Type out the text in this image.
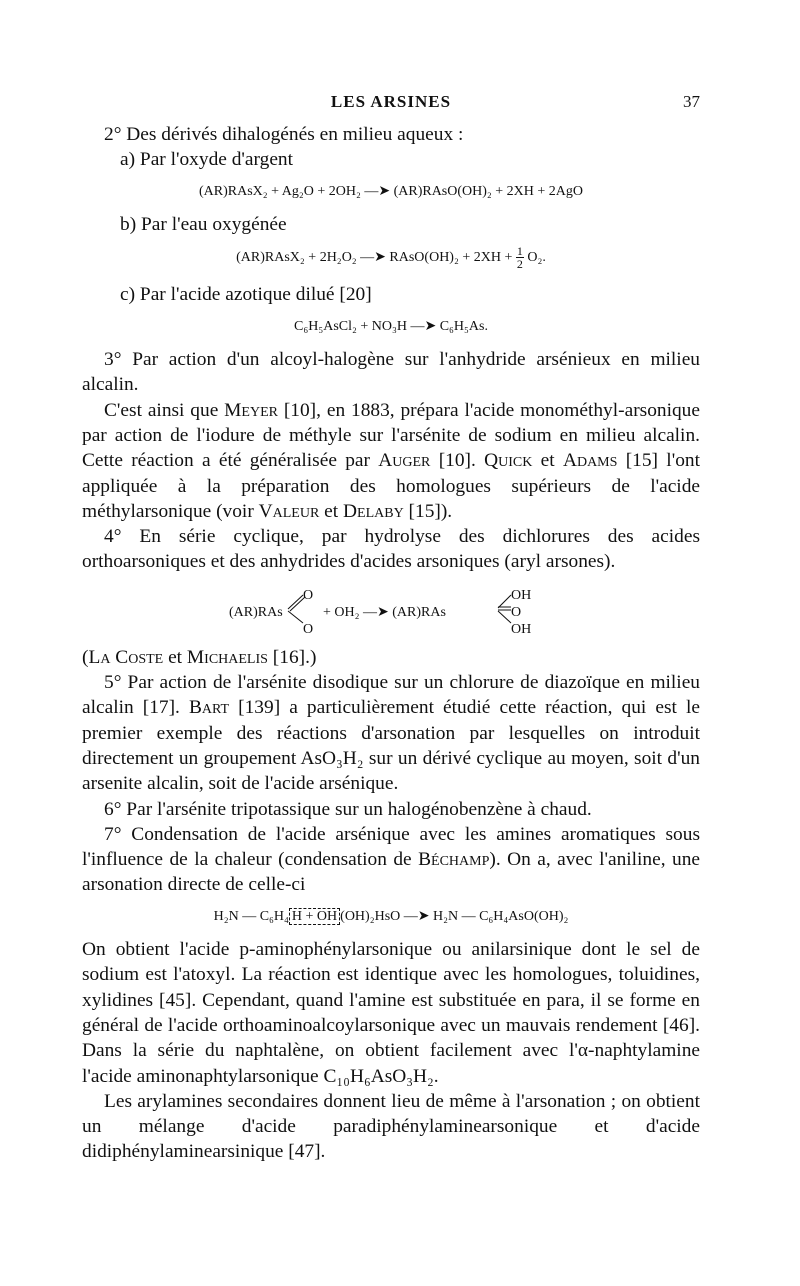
LES ARSINES	37

2° Des dérivés dihalogénés en milieu aqueux :

a) Par l'oxyde d'argent

(AR)RAsX₂ + Ag₂O + 2OH₂ —➤ (AR)RAsO(OH)₂ + 2XH + 2AgO

b) Par l'eau oxygénée

(AR)RAsX₂ + 2H₂O₂ —➤ RAsO(OH)₂ + $2XH + \frac{1}{2} O_2$.

c) Par l'acide azotique dilué [20]

C₆H₅AsCl₂ + NO₃H —➤ C₆H₅As.

3° Par action d'un alcoyl-halogène sur l'anhydride arsénieux en milieu alcalin.

C'est ainsi que Meyer [10], en 1883, prépara l'acide monométhyl-arsonique par action de l'iodure de méthyle sur l'arsénite de sodium en milieu alcalin. Cette réaction a été généralisée par Auger [10]. Quick et Adams [15] l'ont appliquée à la préparation des homologues supérieurs de l'acide méthylarsonique (voir Valeur et Delaby [15]).

4° En série cyclique, par hydrolyse des dichlorures des acides orthoarsoniques et des anhydrides d'acides arsoniques (aryl arsones).

(AR)RAs
O
O
+ OH₂ —➤ (AR)RAs
OH
O
OH

(La Coste et Michaelis [16].)

5° Par action de l'arsénite disodique sur un chlorure de diazoïque en milieu alcalin [17]. Bart [139] a particulièrement étudié cette réaction, qui est le premier exemple des réactions d'arsonation par lesquelles on introduit directement un groupement AsO₃H₂ sur un dérivé cyclique au moyen, soit d'un arsenite alcalin, soit de l'acide arsénique.

6° Par l'arsénite tripotassique sur un halogénobenzène à chaud.

7° Condensation de l'acide arsénique avec les amines aromatiques sous l'influence de la chaleur (condensation de Béchamp). On a, avec l'aniline, une arsonation directe de celle-ci

H₂N — C₆H₄ H + OH (OH)₂HsO —➤ H₂N — C₆H₄AsO(OH)₂

On obtient l'acide p-aminophénylarsonique ou anilarsinique dont le sel de sodium est l'atoxyl. La réaction est identique avec les homologues, toluidines, xylidines [45]. Cependant, quand l'amine est substituée en para, il se forme en général de l'acide orthoaminoalcoylarsonique avec un mauvais rendement [46]. Dans la série du naphtalène, on obtient facilement avec l'α-naphtylamine l'acide aminonaphtylarsonique C₁₀H₆AsO₃H₂.

Les arylamines secondaires donnent lieu de même à l'arsonation ; on obtient un mélange d'acide paradiphénylaminearsonique et d'acide didiphénylaminearsinique [47].
